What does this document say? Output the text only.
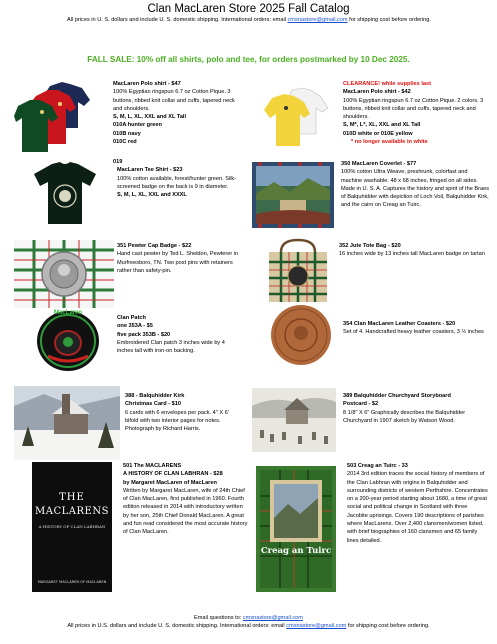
Clan MacLaren Store 2025 Fall Catalog
All prices in U. S. dollars and include U. S. domestic shipping. International orders: email cmsnastore@gmail.com for shipping cost before ordering.
FALL SALE: 10% off all shirts, polo and tee, for orders postmarked by 10 Dec 2025.
MacLaren Polo shirt - $47
100% Egyptian ringspun 6.7 oz Cotton Pique. 3 buttons, ribbed knit collar and cuffs, tapered neck and shoulders.
S, M, L, XL, XXL and XL Tall
010A hunter green
010B navy
010C red
CLEARANCE! while supplies last
MacLaren Polo shirt - $42
100% Egyptian ringspun 6.7 oz Cotton Pique. 2 colors. 3 buttons, ribbed knit collar and cuffs, tapered neck and shoulders.
S, M*, L*, XL, XXL and XL Tall
010D white or 010E yellow
* no longer available in white
019
MacLaren Tee Shirt - $23
100% cotton available, forest/hunter green. Silk-screened badge on the back is 9 in diameter.
S, M, L, XL, XXL and XXXL
350 MacLaren Coverlet - $77
100% cotton Ultra Weave, preshrunk, colorfast and machine washable. 48 x 68 inches, fringed on all sides. Made in U. S. A. Captures the history and spirit of the Braes of Balquhidder with depiction of Loch Voil, Balquhidder Kirk, and the cairn on Creag an Tuirc.
351 Pewter Cap Badge - $22
Hand cast pewter by Ted L. Sheldon, Pewterer in Murfreesboro, TN. Two post pins with retainers rather than safety-pin.
352 Jute Tote Bag - $20
16 inches wide by 13 inches tall MacLaren badge on tartan
MacLaren
Clan Patch
one 353A - $5
five pack 353B - $20
Embroidered Clan patch 3 inches wide by 4 inches tall with iron-on backing.
354 Clan MacLaren Leather Coasters - $20
Set of 4. Handcrafted heavy leather coasters, 3 ½ inches
388 - Balquhidder Kirk
Christmas Card - $10
6 cards with 6 envelopes per pack. 4" X 6' bifold with two interior pages for notes.
Photograph by Richard Harris.
389 Balquhidder Churchyard Storyboard
Postcard - $2
8 1/8" X 6" Graphically describes the Balquhidder Churchyard in 1907 sketch by Watson Wood.
THE
MACLARENS
A HISTORY OF CLAN LABHRAN
MARGARET MACLAREN OF MACLAREN
501 The MACLARENS
A HISTORY OF CLAN LABHRAN - $28
by Margaret MacLaren of MacLaren
Written by Margaret MacLaren, wife of 24th Chief of Clan MacLaren, first published in 1960. Fourth edition released in 2014 with introductory written by her son, 25th Chief Donald MacLaren. A great and fun read considered the most accurate history of Clan MacLaren.
Creag an Tuirc
503 Creag an Tuirc - 33
2014 3rd edition traces the social history of members of the Clan Labhran with origins in Balquhidder and surrounding districts of western Perthshire. Concentrates on a 200-year period starting about 1680, a time of great social and political change in Scotland with three Jacobite uprisings. Covers 190 descriptions of parishes where MacLarens. Over 2,400 clansmen/women listed. with brief biographies of 160 clansmen and 65 family lines detailed.
Email questions to: cmsnastore@gmail.com
All prices in U.S. dollars and include U. S. domestic shipping. International orders: email cmsnastore@gmail.com for shipping cost before ordering.
